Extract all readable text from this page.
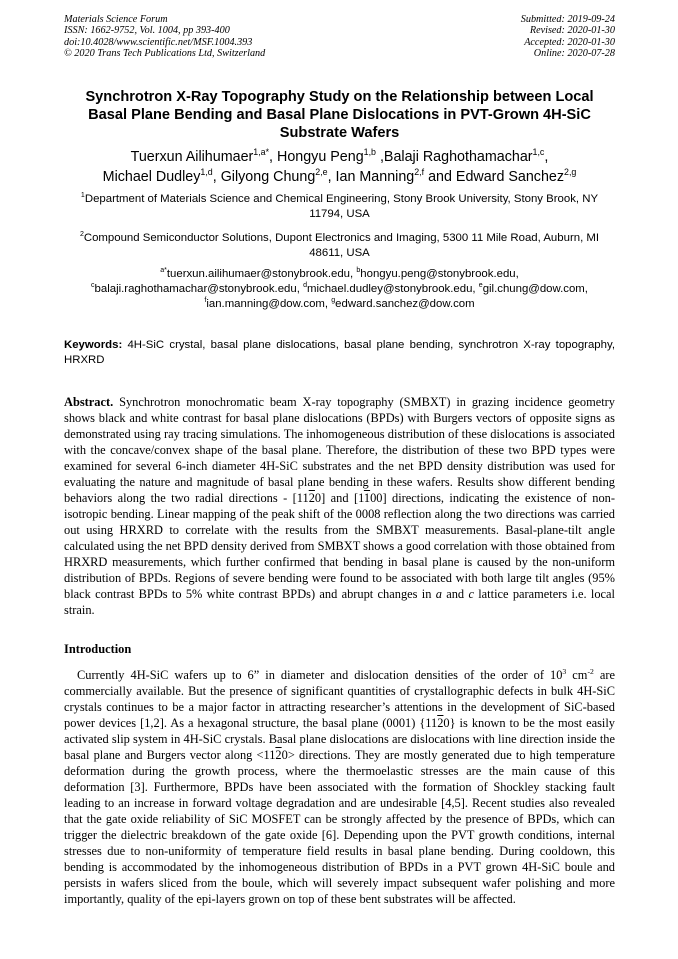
Materials Science Forum
ISSN: 1662-9752, Vol. 1004, pp 393-400
doi:10.4028/www.scientific.net/MSF.1004.393
© 2020 Trans Tech Publications Ltd, Switzerland
Submitted: 2019-09-24
Revised: 2020-01-30
Accepted: 2020-01-30
Online: 2020-07-28
Synchrotron X-Ray Topography Study on the Relationship between Local Basal Plane Bending and Basal Plane Dislocations in PVT-Grown 4H-SiC Substrate Wafers
Tuerxun Ailihumaer$^{1,a*}$, Hongyu Peng$^{1,b}$ ,Balaji Raghothamachar$^{1,c}$,
Michael Dudley$^{1,d}$, Gilyong Chung$^{2,e}$, Ian Manning$^{2,f}$ and Edward Sanchez$^{2,g}$
$^1$Department of Materials Science and Chemical Engineering, Stony Brook University, Stony Brook, NY 11794, USA
$^2$Compound Semiconductor Solutions, Dupont Electronics and Imaging, 5300 11 Mile Road, Auburn, MI 48611, USA
$^{a*}$tuerxun.ailihumaer@stonybrook.edu, $^b$hongyu.peng@stonybrook.edu,
$^c$balaji.raghothamachar@stonybrook.edu, $^d$michael.dudley@stonybrook.edu, $^e$gil.chung@dow.com,
$^f$ian.manning@dow.com, $^g$edward.sanchez@dow.com
Keywords: 4H-SiC crystal, basal plane dislocations, basal plane bending, synchrotron X-ray topography, HRXRD
Abstract. Synchrotron monochromatic beam X-ray topography (SMBXT) in grazing incidence geometry shows black and white contrast for basal plane dislocations (BPDs) with Burgers vectors of opposite signs as demonstrated using ray tracing simulations. The inhomogeneous distribution of these dislocations is associated with the concave/convex shape of the basal plane. Therefore, the distribution of these two BPD types were examined for several 6-inch diameter 4H-SiC substrates and the net BPD density distribution was used for evaluating the nature and magnitude of basal plane bending in these wafers. Results show different bending behaviors along the two radial directions - [1120] and [1100] directions, indicating the existence of non-isotropic bending. Linear mapping of the peak shift of the 0008 reflection along the two directions was carried out using HRXRD to correlate with the results from the SMBXT measurements. Basal-plane-tilt angle calculated using the net BPD density derived from SMBXT shows a good correlation with those obtained from HRXRD measurements, which further confirmed that bending in basal plane is caused by the non-uniform distribution of BPDs. Regions of severe bending were found to be associated with both large tilt angles (95% black contrast BPDs to 5% white contrast BPDs) and abrupt changes in a and c lattice parameters i.e. local strain.
Introduction
Currently 4H-SiC wafers up to 6” in diameter and dislocation densities of the order of $10^3$ $cm^{-2}$ are commercially available. But the presence of significant quantities of crystallographic defects in bulk 4H-SiC crystals continues to be a major factor in attracting researcher’s attentions in the development of SiC-based power devices [1,2]. As a hexagonal structure, the basal plane (0001) {1120} is known to be the most easily activated slip system in 4H-SiC crystals. Basal plane dislocations are dislocations with line direction inside the basal plane and Burgers vector along <1120> directions. They are mostly generated due to high temperature deformation during the growth process, where the thermoelastic stresses are the main cause of this deformation [3]. Furthermore, BPDs have been associated with the formation of Shockley stacking fault leading to an increase in forward voltage degradation and are undesirable [4,5]. Recent studies also revealed that the gate oxide reliability of SiC MOSFET can be strongly affected by the presence of BPDs, which can trigger the dielectric breakdown of the gate oxide [6]. Depending upon the PVT growth conditions, internal stresses due to non-uniformity of temperature field results in basal plane bending. During cooldown, this bending is accommodated by the inhomogeneous distribution of BPDs in a PVT grown 4H-SiC boule and persists in wafers sliced from the boule, which will severely impact subsequent wafer polishing and more importantly, quality of the epi-layers grown on top of these bent substrates will be affected.
